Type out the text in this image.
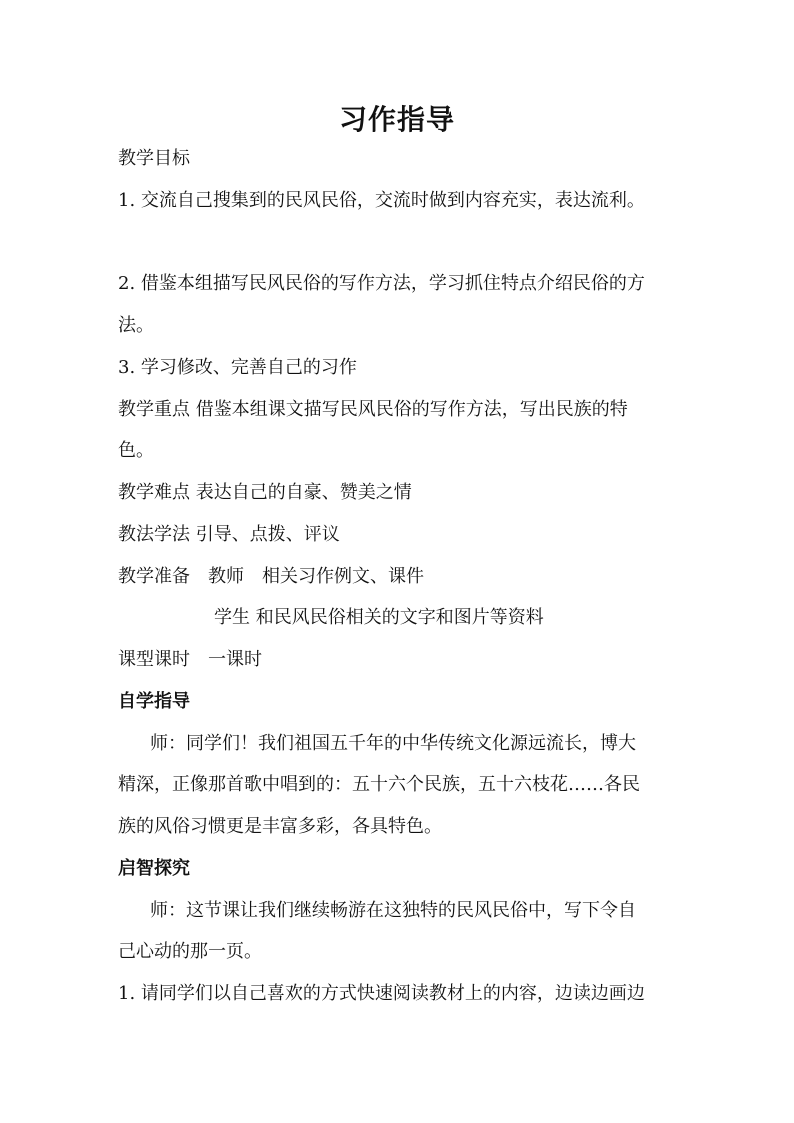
习作指导
教学目标
1. 交流自己搜集到的民风民俗，交流时做到内容充实，表达流利。
2. 借鉴本组描写民风民俗的写作方法，学习抓住特点介绍民俗的方
法。
3. 学习修改、完善自己的习作
教学重点 借鉴本组课文描写民风民俗的写作方法，写出民族的特
色。
教学难点 表达自己的自豪、赞美之情
教法学法 引导、点拨、评议
教学准备 教师 相关习作例文、课件
学生 和民风民俗相关的文字和图片等资料
课型课时 一课时
自学指导
师：同学们！我们祖国五千年的中华传统文化源远流长，博大
精深，正像那首歌中唱到的：五十六个民族，五十六枝花……各民
族的风俗习惯更是丰富多彩，各具特色。
启智探究
师：这节课让我们继续畅游在这独特的民风民俗中，写下令自
己心动的那一页。
1. 请同学们以自己喜欢的方式快速阅读教材上的内容，边读边画边
